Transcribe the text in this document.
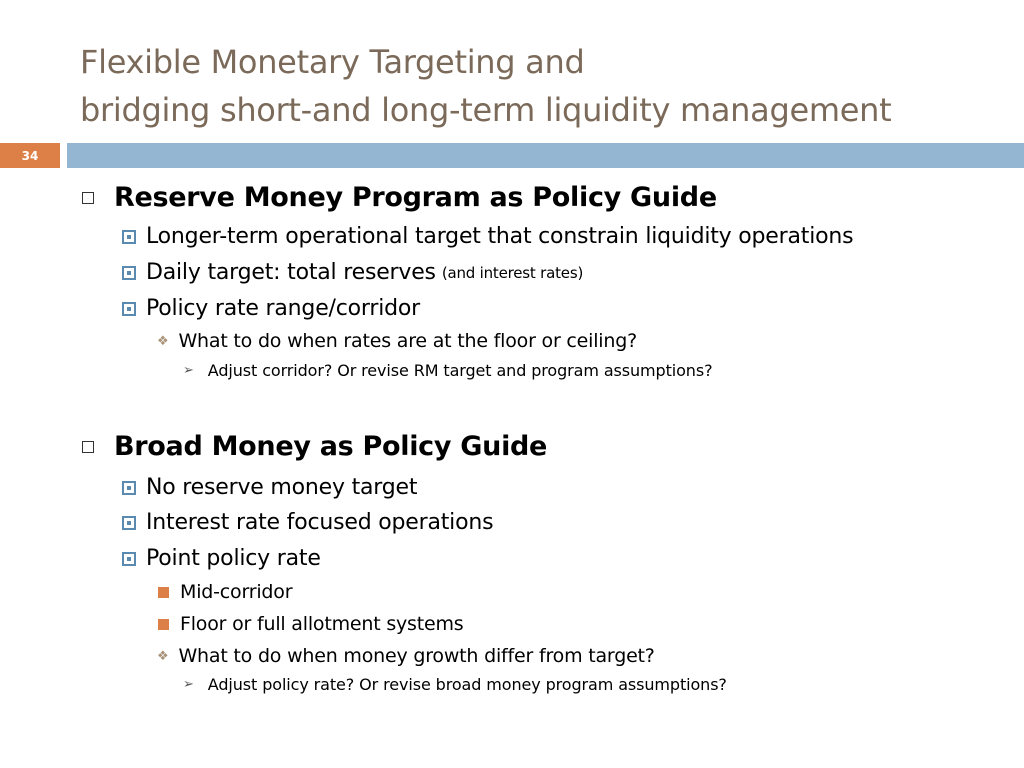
Flexible Monetary Targeting and
bridging short-and long-term liquidity management
34
Reserve Money Program as Policy Guide
Longer-term operational target that constrain liquidity operations
Daily target: total reserves (and interest rates)
Policy rate range/corridor
❖ What to do when rates are at the floor or ceiling?
➢ Adjust corridor? Or revise RM target and program assumptions?
Broad Money as Policy Guide
No reserve money target
Interest rate focused operations
Point policy rate
Mid-corridor
Floor or full allotment systems
❖ What to do when money growth differ from target?
➢ Adjust policy rate? Or revise broad money program assumptions?
